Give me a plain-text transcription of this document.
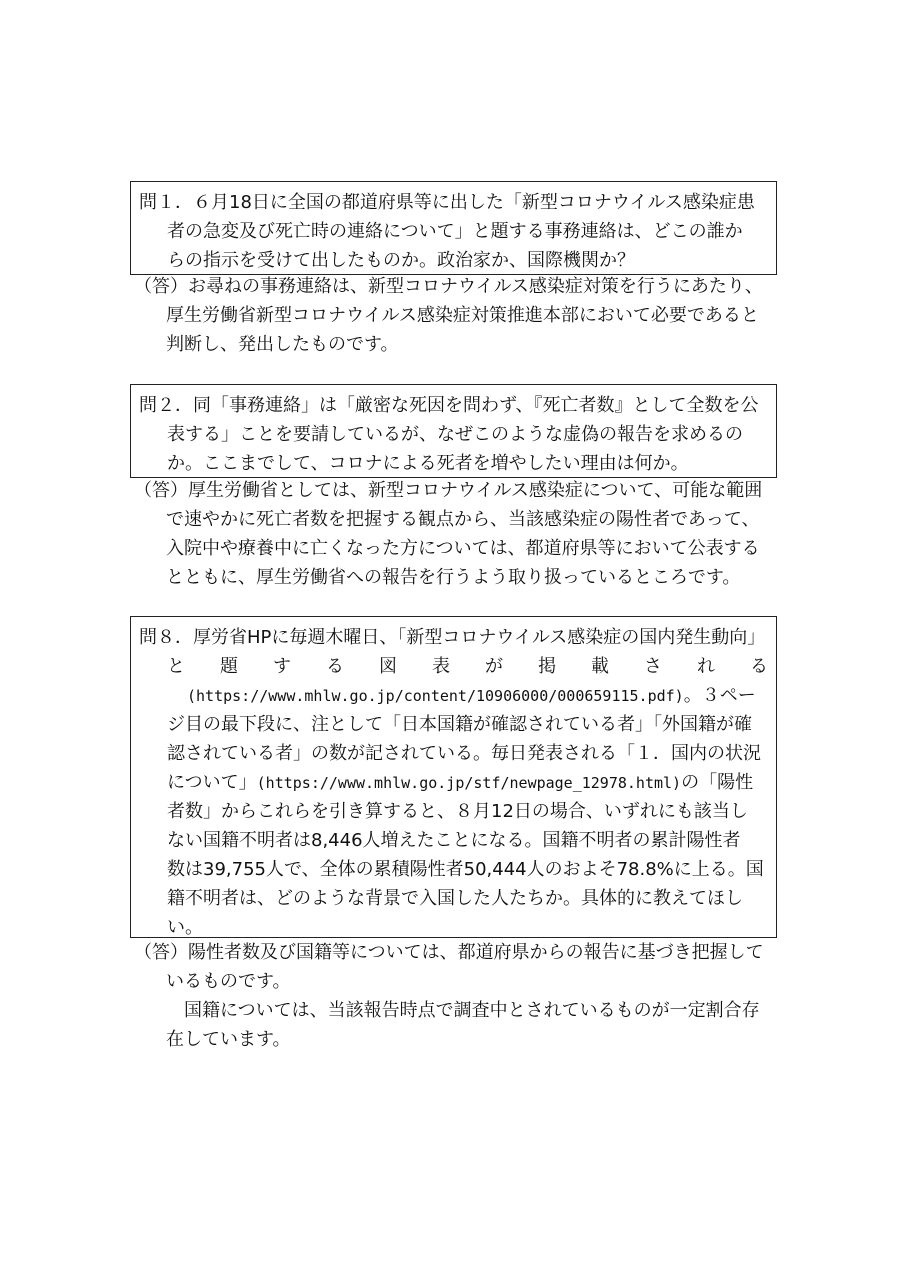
問１．６月18日に全国の都道府県等に出した「新型コロナウイルス感染症患
者の急変及び死亡時の連絡について」と題する事務連絡は、どこの誰か
らの指示を受けて出したものか。政治家か、国際機関か？
（答）お尋ねの事務連絡は、新型コロナウイルス感染症対策を行うにあたり、
厚生労働省新型コロナウイルス感染症対策推進本部において必要であると
判断し、発出したものです。
問２．同「事務連絡」は「厳密な死因を問わず、『死亡者数』として全数を公
表する」ことを要請しているが、なぜこのような虚偽の報告を求めるの
か。ここまでして、コロナによる死者を増やしたい理由は何か。
（答）厚生労働省としては、新型コロナウイルス感染症について、可能な範囲
で速やかに死亡者数を把握する観点から、当該感染症の陽性者であって、
入院中や療養中に亡くなった方については、都道府県等において公表する
とともに、厚生労働省への報告を行うよう取り扱っているところです。
問８．厚労省HPに毎週木曜日、「新型コロナウイルス感染症の国内発生動向」
と 題 す る 図 表 が 掲 載 さ れ る
(https://www.mhlw.go.jp/content/10906000/000659115.pdf)。３ペー
ジ目の最下段に、注として「日本国籍が確認されている者」「外国籍が確
認されている者」の数が記されている。毎日発表される「１．国内の状況
について」(https://www.mhlw.go.jp/stf/newpage_12978.html)の「陽性
者数」からこれらを引き算すると、８月12日の場合、いずれにも該当し
ない国籍不明者は8,446人増えたことになる。国籍不明者の累計陽性者
数は39,755人で、全体の累積陽性者50,444人のおよそ78.8%に上る。国
籍不明者は、どのような背景で入国した人たちか。具体的に教えてほし
い。
（答）陽性者数及び国籍等については、都道府県からの報告に基づき把握して
いるものです。
国籍については、当該報告時点で調査中とされているものが一定割合存
在しています。
